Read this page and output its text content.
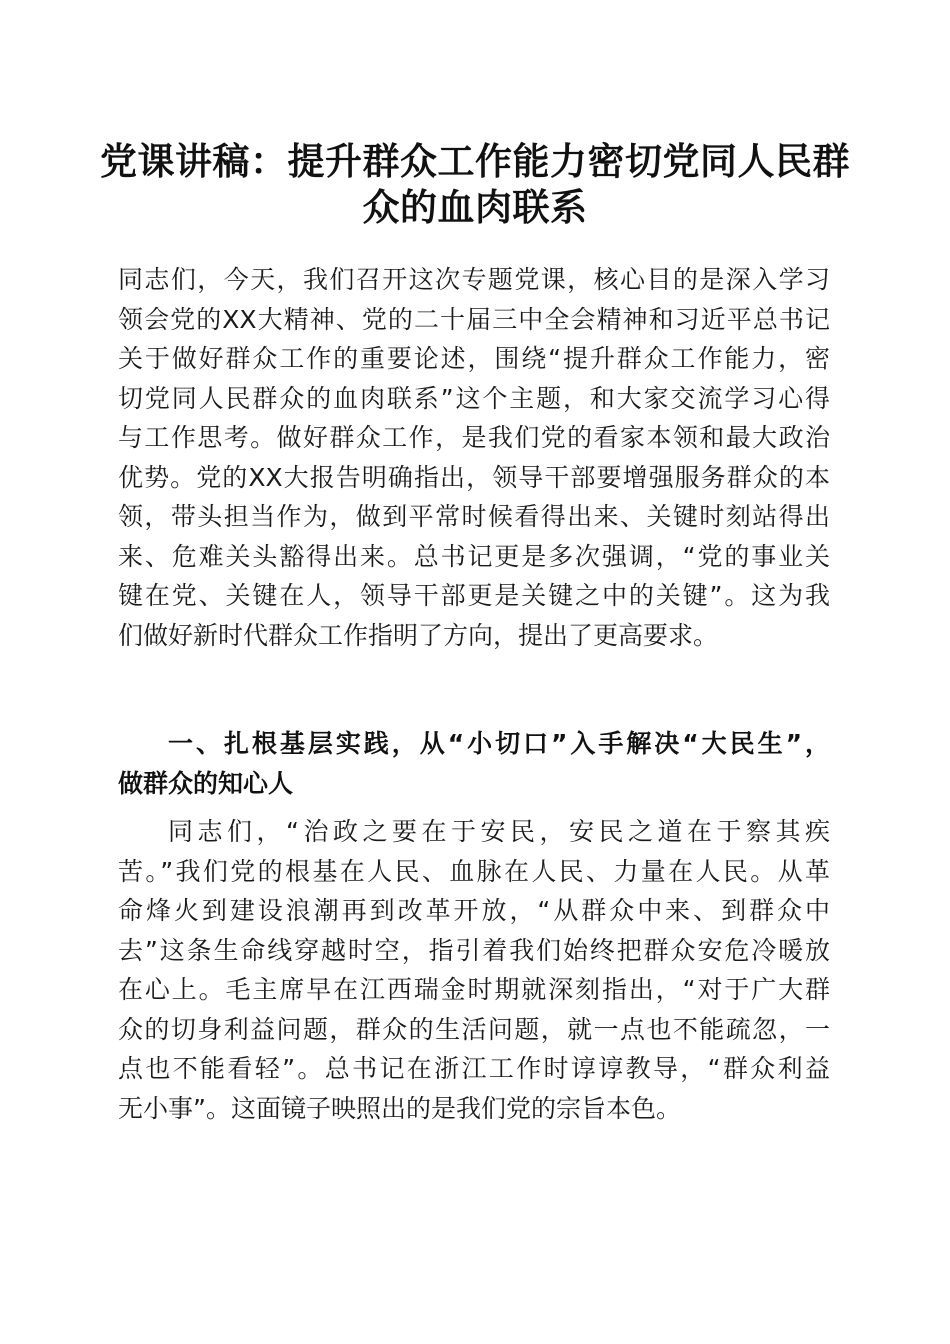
党课讲稿：提升群众工作能力密切党同人民群
众的血肉联系
同志们，今天，我们召开这次专题党课，核心目的是深入学习
领会党的XX大精神、党的二十届三中全会精神和习近平总书记
关于做好群众工作的重要论述，围绕“提升群众工作能力，密
切党同人民群众的血肉联系”这个主题，和大家交流学习心得
与工作思考。做好群众工作，是我们党的看家本领和最大政治
优势。党的XX大报告明确指出，领导干部要增强服务群众的本
领，带头担当作为，做到平常时候看得出来、关键时刻站得出
来、危难关头豁得出来。总书记更是多次强调，“党的事业关
键在党、关键在人，领导干部更是关键之中的关键”。这为我
们做好新时代群众工作指明了方向，提出了更高要求。
一、扎根基层实践，从“小切口”入手解决“大民生”，
做群众的知心人
同志们，“治政之要在于安民，安民之道在于察其疾
苦。”我们党的根基在人民、血脉在人民、力量在人民。从革
命烽火到建设浪潮再到改革开放，“从群众中来、到群众中
去”这条生命线穿越时空，指引着我们始终把群众安危冷暖放
在心上。毛主席早在江西瑞金时期就深刻指出，“对于广大群
众的切身利益问题，群众的生活问题，就一点也不能疏忽，一
点也不能看轻”。总书记在浙江工作时谆谆教导，“群众利益
无小事”。这面镜子映照出的是我们党的宗旨本色。
